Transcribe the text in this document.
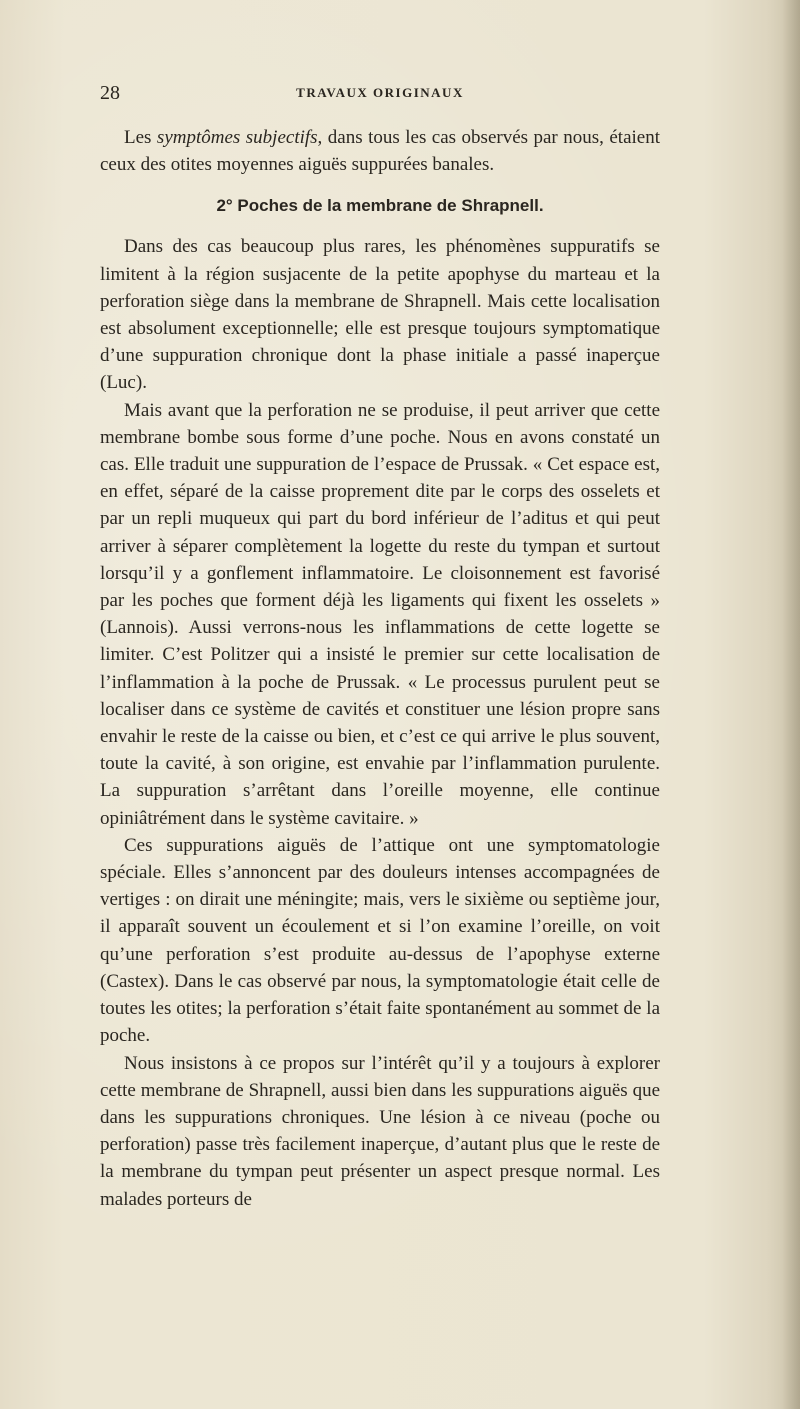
28	TRAVAUX ORIGINAUX

Les symptômes subjectifs, dans tous les cas observés par nous, étaient ceux des otites moyennes aiguës suppurées banales.

2° Poches de la membrane de Shrapnell.

Dans des cas beaucoup plus rares, les phénomènes suppuratifs se limitent à la région susjacente de la petite apophyse du marteau et la perforation siège dans la membrane de Shrapnell. Mais cette localisation est absolument exceptionnelle; elle est presque toujours symptomatique d’une suppuration chronique dont la phase initiale a passé inaperçue (Luc).

Mais avant que la perforation ne se produise, il peut arriver que cette membrane bombe sous forme d’une poche. Nous en avons constaté un cas. Elle traduit une suppuration de l’espace de Prussak. « Cet espace est, en effet, séparé de la caisse proprement dite par le corps des osselets et par un repli muqueux qui part du bord inférieur de l’aditus et qui peut arriver à séparer complètement la logette du reste du tympan et surtout lorsqu’il y a gonflement inflammatoire. Le cloisonnement est favorisé par les poches que forment déjà les ligaments qui fixent les osselets » (Lannois). Aussi verrons-nous les inflammations de cette logette se limiter. C’est Politzer qui a insisté le premier sur cette localisation de l’inflammation à la poche de Prussak. « Le processus purulent peut se localiser dans ce système de cavités et constituer une lésion propre sans envahir le reste de la caisse ou bien, et c’est ce qui arrive le plus souvent, toute la cavité, à son origine, est envahie par l’inflammation purulente. La suppuration s’arrêtant dans l’oreille moyenne, elle continue opiniâtrément dans le système cavitaire. »

Ces suppurations aiguës de l’attique ont une symptomatologie spéciale. Elles s’annoncent par des douleurs intenses accompagnées de vertiges : on dirait une méningite; mais, vers le sixième ou septième jour, il apparaît souvent un écoulement et si l’on examine l’oreille, on voit qu’une perforation s’est produite au-dessus de l’apophyse externe (Castex). Dans le cas observé par nous, la symptomatologie était celle de toutes les otites; la perforation s’était faite spontanément au sommet de la poche.

Nous insistons à ce propos sur l’intérêt qu’il y a toujours à explorer cette membrane de Shrapnell, aussi bien dans les suppurations aiguës que dans les suppurations chroniques. Une lésion à ce niveau (poche ou perforation) passe très facilement inaperçue, d’autant plus que le reste de la membrane du tympan peut présenter un aspect presque normal. Les malades porteurs de
